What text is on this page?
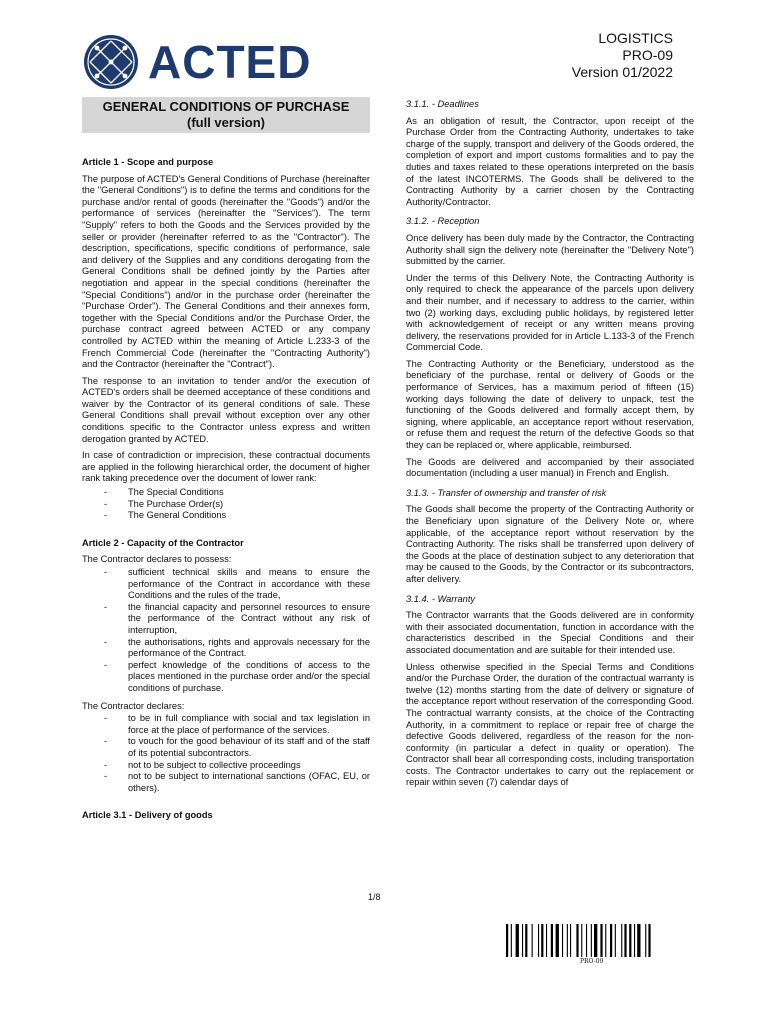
ACTED	LOGISTICS
PRO-09
Version 01/2022
GENERAL CONDITIONS OF PURCHASE
(full version)

Article 1 - Scope and purpose

The purpose of ACTED's General Conditions of Purchase (hereinafter the "General Conditions") is to define the terms and conditions for the purchase and/or rental of goods (hereinafter the "Goods") and/or the performance of services (hereinafter the "Services"). The term "Supply" refers to both the Goods and the Services provided by the seller or provider (hereinafter referred to as the "Contractor"). The description, specifications, specific conditions of performance, sale and delivery of the Supplies and any conditions derogating from the General Conditions shall be defined jointly by the Parties after negotiation and appear in the special conditions (hereinafter the "Special Conditions") and/or in the purchase order (hereinafter the "Purchase Order"). The General Conditions and their annexes form, together with the Special Conditions and/or the Purchase Order, the purchase contract agreed between ACTED or any company controlled by ACTED within the meaning of Article L.233-3 of the French Commercial Code (hereinafter the "Contracting Authority") and the Contractor (hereinafter the "Contract").

The response to an invitation to tender and/or the execution of ACTED's orders shall be deemed acceptance of these conditions and waiver by the Contractor of its general conditions of sale. These General Conditions shall prevail without exception over any other conditions specific to the Contractor unless express and written derogation granted by ACTED.

In case of contradiction or imprecision, these contractual documents are applied in the following hierarchical order, the document of higher rank taking precedence over the document of lower rank:

- The Special Conditions
- The Purchase Order(s)
- The General Conditions

Article 2 - Capacity of the Contractor

The Contractor declares to possess:

- sufficient technical skills and means to ensure the performance of the Contract in accordance with these Conditions and the rules of the trade,
- the financial capacity and personnel resources to ensure the performance of the Contract without any risk of interruption,
- the authorisations, rights and approvals necessary for the performance of the Contract.
- perfect knowledge of the conditions of access to the places mentioned in the purchase order and/or the special conditions of purchase.

The Contractor declares:

- to be in full compliance with social and tax legislation in force at the place of performance of the services.
- to vouch for the good behaviour of its staff and of the staff of its potential subcontractors.
- not to be subject to collective proceedings
- not to be subject to international sanctions (OFAC, EU, or others).

Article 3.1 - Delivery of goods

3.1.1. - Deadlines

As an obligation of result, the Contractor, upon receipt of the Purchase Order from the Contracting Authority, undertakes to take charge of the supply, transport and delivery of the Goods ordered, the completion of export and import customs formalities and to pay the duties and taxes related to these operations interpreted on the basis of the latest INCOTERMS. The Goods shall be delivered to the Contracting Authority by a carrier chosen by the Contracting Authority/Contractor.

3.1.2. - Reception

Once delivery has been duly made by the Contractor, the Contracting Authority shall sign the delivery note (hereinafter the "Delivery Note") submitted by the carrier.

Under the terms of this Delivery Note, the Contracting Authority is only required to check the appearance of the parcels upon delivery and their number, and if necessary to address to the carrier, within two (2) working days, excluding public holidays, by registered letter with acknowledgement of receipt or any written means proving delivery, the reservations provided for in Article L.133-3 of the French Commercial Code.

The Contracting Authority or the Beneficiary, understood as the beneficiary of the purchase, rental or delivery of Goods or the performance of Services, has a maximum period of fifteen (15) working days following the date of delivery to unpack, test the functioning of the Goods delivered and formally accept them, by signing, where applicable, an acceptance report without reservation, or refuse them and request the return of the defective Goods so that they can be replaced or, where applicable, reimbursed.

The Goods are delivered and accompanied by their associated documentation (including a user manual) in French and English.

3.1.3. - Transfer of ownership and transfer of risk

The Goods shall become the property of the Contracting Authority or the Beneficiary upon signature of the Delivery Note or, where applicable, of the acceptance report without reservation by the Contracting Authority. The risks shall be transferred upon delivery of the Goods at the place of destination subject to any deterioration that may be caused to the Goods, by the Contractor or its subcontractors, after delivery.

3.1.4. - Warranty

The Contractor warrants that the Goods delivered are in conformity with their associated documentation, function in accordance with the characteristics described in the Special Conditions and their associated documentation and are suitable for their intended use.

Unless otherwise specified in the Special Terms and Conditions and/or the Purchase Order, the duration of the contractual warranty is twelve (12) months starting from the date of delivery or signature of the acceptance report without reservation of the corresponding Good. The contractual warranty consists, at the choice of the Contracting Authority, in a commitment to replace or repair free of charge the defective Goods delivered, regardless of the reason for the non-conformity (in particular a defect in quality or operation). The Contractor shall bear all corresponding costs, including transportation costs. The Contractor undertakes to carry out the replacement or repair within seven (7) calendar days of

1/8
PRO-09
